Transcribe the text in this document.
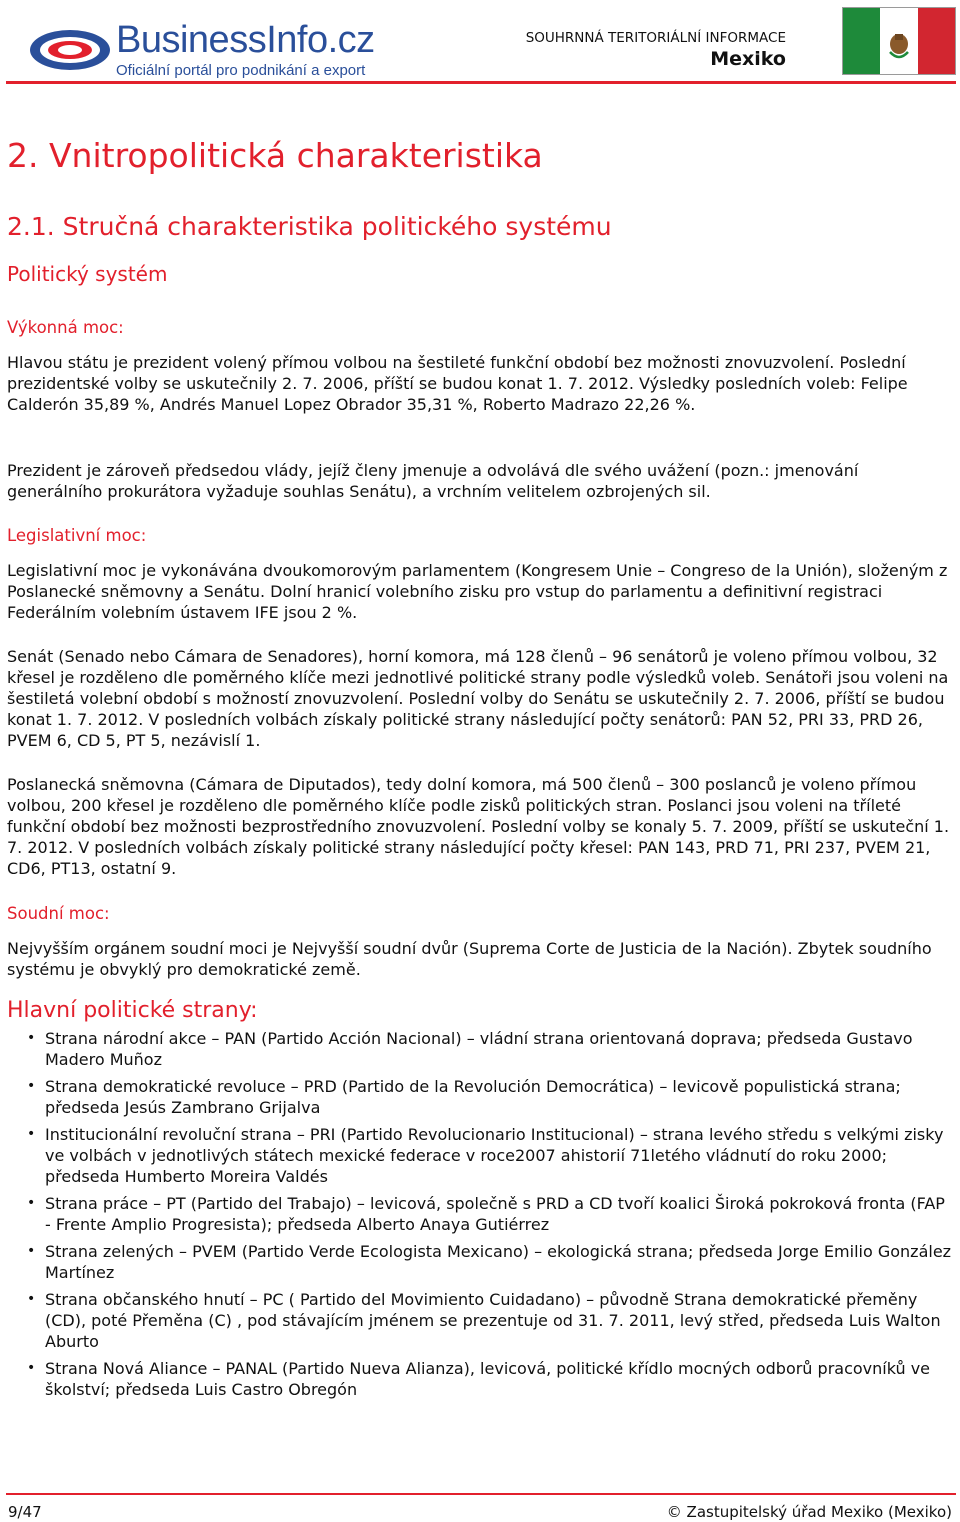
BusinessInfo.cz
Oficiální portál pro podnikání a export
SOUHRNNÁ TERITORIÁLNÍ INFORMACE
Mexiko
2. Vnitropolitická charakteristika
2.1. Stručná charakteristika politického systému
Politický systém
Výkonná moc:

Hlavou státu je prezident volený přímou volbou na šestileté funkční období bez možnosti znovuzvolení. Poslední prezidentské volby se uskutečnily 2. 7. 2006, příští se budou konat 1. 7. 2012. Výsledky posledních voleb: Felipe Calderón 35,89 %, Andrés Manuel Lopez Obrador 35,31 %, Roberto Madrazo 22,26 %.

Prezident je zároveň předsedou vlády, jejíž členy jmenuje a odvolává dle svého uvážení (pozn.: jmenování generálního prokurátora vyžaduje souhlas Senátu), a vrchním velitelem ozbrojených sil.

Legislativní moc:

Legislativní moc je vykonávána dvoukomorovým parlamentem (Kongresem Unie – Congreso de la Unión), složeným z Poslanecké sněmovny a Senátu. Dolní hranicí volebního zisku pro vstup do parlamentu a definitivní registraci Federálním volebním ústavem IFE jsou 2 %.

Senát (Senado nebo Cámara de Senadores), horní komora, má 128 členů – 96 senátorů je voleno přímou volbou, 32 křesel je rozděleno dle poměrného klíče mezi jednotlivé politické strany podle výsledků voleb. Senátoři jsou voleni na šestiletá volební období s možností znovuzvolení. Poslední volby do Senátu se uskutečnily 2. 7. 2006, příští se budou konat 1. 7. 2012. V posledních volbách získaly politické strany následující počty senátorů: PAN 52, PRI 33, PRD 26, PVEM 6, CD 5, PT 5, nezávislí 1.

Poslanecká sněmovna (Cámara de Diputados), tedy dolní komora, má 500 členů – 300 poslanců je voleno přímou volbou, 200 křesel je rozděleno dle poměrného klíče podle zisků politických stran. Poslanci jsou voleni na tříleté funkční období bez možnosti bezprostředního znovuzvolení. Poslední volby se konaly 5. 7. 2009, příští se uskuteční 1. 7. 2012. V posledních volbách získaly politické strany následující počty křesel: PAN 143, PRD 71, PRI 237, PVEM 21, CD6, PT13, ostatní 9.

Soudní moc:

Nejvyšším orgánem soudní moci je Nejvyšší soudní dvůr (Suprema Corte de Justicia de la Nación). Zbytek soudního systému je obvyklý pro demokratické země.

Hlavní politické strany:
• Strana národní akce – PAN (Partido Acción Nacional) – vládní strana orientovaná doprava; předseda Gustavo Madero Muñoz
• Strana demokratické revoluce – PRD (Partido de la Revolución Democrática) – levicově populistická strana; předseda Jesús Zambrano Grijalva
• Institucionální revoluční strana – PRI (Partido Revolucionario Institucional) – strana levého středu s velkými zisky ve volbách v jednotlivých státech mexické federace v roce2007 ahistorií 71letého vládnutí do roku 2000; předseda Humberto Moreira Valdés
• Strana práce – PT (Partido del Trabajo) – levicová, společně s PRD a CD tvoří koalici Široká pokroková fronta (FAP - Frente Amplio Progresista); předseda Alberto Anaya Gutiérrez
• Strana zelených – PVEM (Partido Verde Ecologista Mexicano) – ekologická strana; předseda Jorge Emilio González Martínez
• Strana občanského hnutí – PC ( Partido del Movimiento Cuidadano) – původně Strana demokratické přeměny (CD), poté Přeměna (C) , pod stávajícím jménem se prezentuje od 31. 7. 2011, levý střed, předseda Luis Walton Aburto
• Strana Nová Aliance – PANAL (Partido Nueva Alianza), levicová, politické křídlo mocných odborů pracovníků ve školství; předseda Luis Castro Obregón
9/47	© Zastupitelský úřad Mexiko (Mexiko)
